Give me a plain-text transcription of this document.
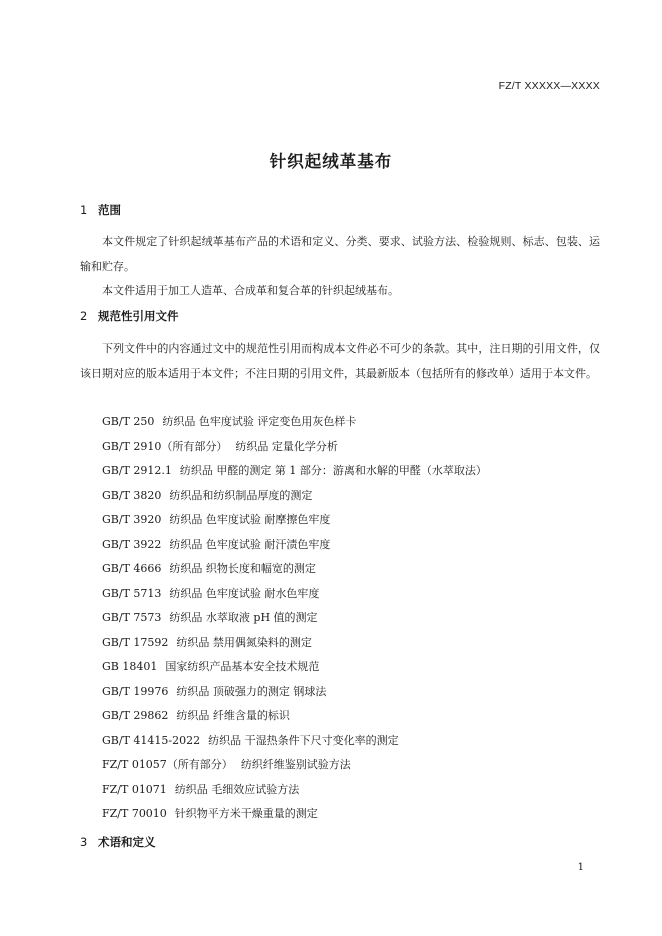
FZ/T XXXXX—XXXX
针织起绒革基布
1 范围
本文件规定了针织起绒革基布产品的术语和定义、分类、要求、试验方法、检验规则、标志、包装、运输和贮存。
本文件适用于加工人造革、合成革和复合革的针织起绒基布。
2 规范性引用文件
下列文件中的内容通过文中的规范性引用而构成本文件必不可少的条款。其中，注日期的引用文件，仅该日期对应的版本适用于本文件；不注日期的引用文件，其最新版本（包括所有的修改单）适用于本文件。
GB/T 250 纺织品 色牢度试验 评定变色用灰色样卡
GB/T 2910（所有部分） 纺织品 定量化学分析
GB/T 2912.1 纺织品 甲醛的测定 第 1 部分：游离和水解的甲醛（水萃取法）
GB/T 3820 纺织品和纺织制品厚度的测定
GB/T 3920 纺织品 色牢度试验 耐摩擦色牢度
GB/T 3922 纺织品 色牢度试验 耐汗渍色牢度
GB/T 4666 纺织品 织物长度和幅宽的测定
GB/T 5713 纺织品 色牢度试验 耐水色牢度
GB/T 7573 纺织品 水萃取液 pH 值的测定
GB/T 17592 纺织品 禁用偶氮染料的测定
GB 18401 国家纺织产品基本安全技术规范
GB/T 19976 纺织品 顶破强力的测定 钢球法
GB/T 29862 纺织品 纤维含量的标识
GB/T 41415-2022 纺织品 干湿热条件下尺寸变化率的测定
FZ/T 01057（所有部分） 纺织纤维鉴别试验方法
FZ/T 01071 纺织品 毛细效应试验方法
FZ/T 70010 针织物平方米干燥重量的测定
3 术语和定义
1
